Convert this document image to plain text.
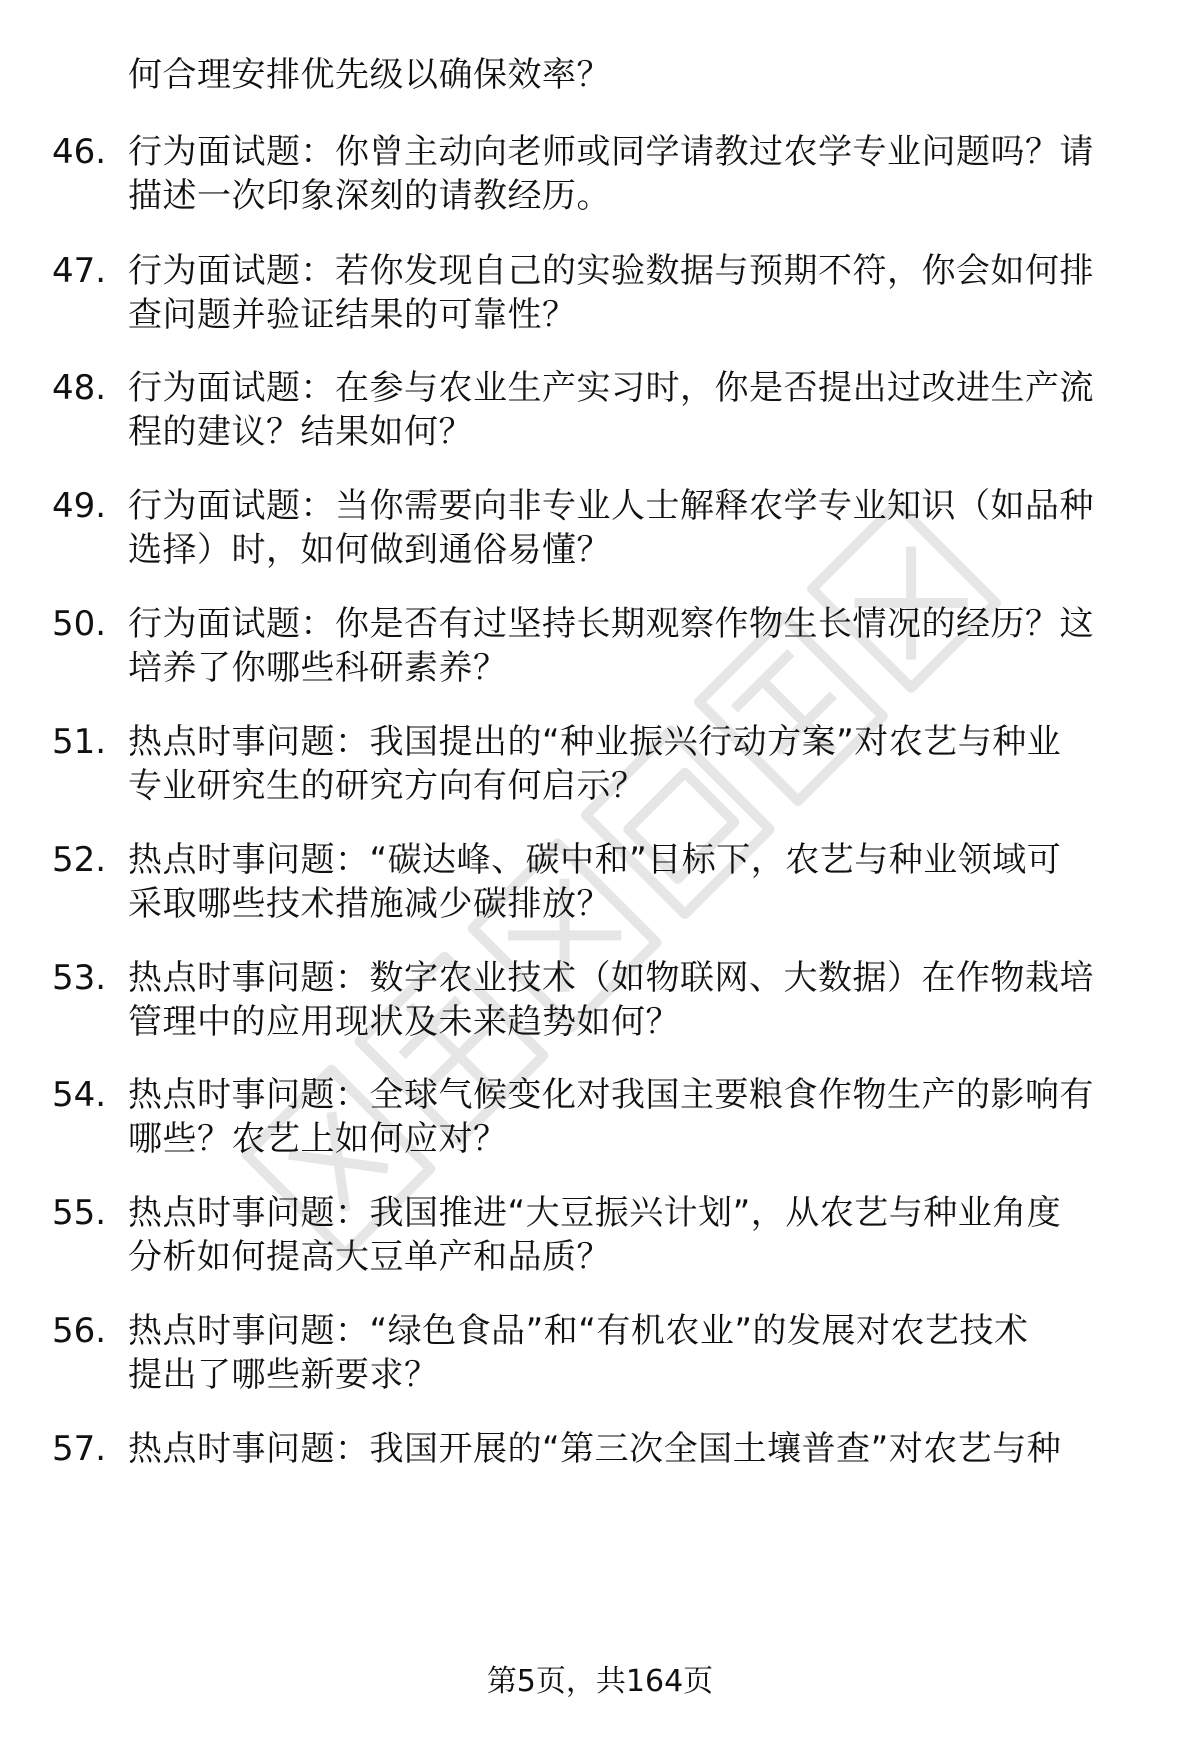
何合理安排优先级以确保效率？
46. 行为面试题：你曾主动向老师或同学请教过农学专业问题吗？请
描述一次印象深刻的请教经历。
47. 行为面试题：若你发现自己的实验数据与预期不符，你会如何排
查问题并验证结果的可靠性？
48. 行为面试题：在参与农业生产实习时，你是否提出过改进生产流
程的建议？结果如何？
49. 行为面试题：当你需要向非专业人士解释农学专业知识（如品种
选择）时，如何做到通俗易懂？
50. 行为面试题：你是否有过坚持长期观察作物生长情况的经历？这
培养了你哪些科研素养？
51. 热点时事问题：我国提出的“种业振兴行动方案”对农艺与种业
专业研究生的研究方向有何启示？
52. 热点时事问题：“碳达峰、碳中和”目标下，农艺与种业领域可
采取哪些技术措施减少碳排放？
53. 热点时事问题：数字农业技术（如物联网、大数据）在作物栽培
管理中的应用现状及未来趋势如何？
54. 热点时事问题：全球气候变化对我国主要粮食作物生产的影响有
哪些？农艺上如何应对？
55. 热点时事问题：我国推进“大豆振兴计划”，从农艺与种业角度
分析如何提高大豆单产和品质？
56. 热点时事问题：“绿色食品”和“有机农业”的发展对农艺技术
提出了哪些新要求？
57. 热点时事问题：我国开展的“第三次全国土壤普查”对农艺与种
第5页，共164页
